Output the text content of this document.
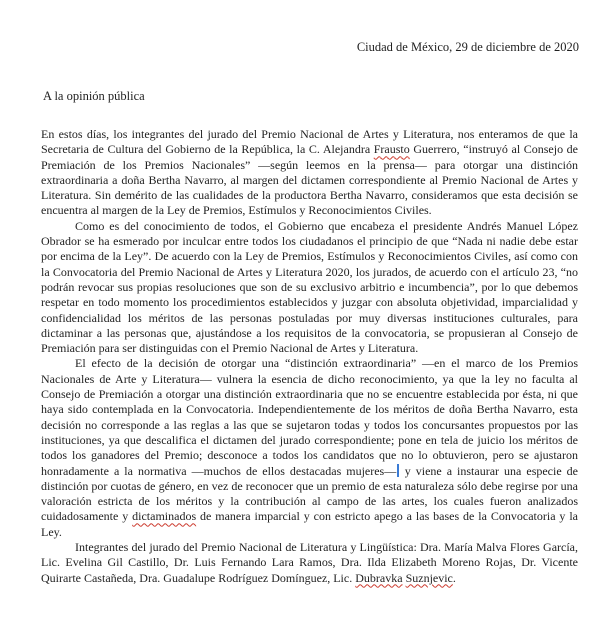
Ciudad de México, 29 de diciembre de 2020
A la opinión pública

En estos días, los integrantes del jurado del Premio Nacional de Artes y Literatura, nos enteramos de que la Secretaria de Cultura del Gobierno de la República, la C. Alejandra Frausto Guerrero, “instruyó al Consejo de Premiación de los Premios Nacionales” —según leemos en la prensa— para otorgar una distinción extraordinaria a doña Bertha Navarro, al margen del dictamen correspondiente al Premio Nacional de Artes y Literatura. Sin demérito de las cualidades de la productora Bertha Navarro, consideramos que esta decisión se encuentra al margen de la Ley de Premios, Estímulos y Reconocimientos Civiles.

Como es del conocimiento de todos, el Gobierno que encabeza el presidente Andrés Manuel López Obrador se ha esmerado por inculcar entre todos los ciudadanos el principio de que “Nada ni nadie debe estar por encima de la Ley”. De acuerdo con la Ley de Premios, Estímulos y Reconocimientos Civiles, así como con la Convocatoria del Premio Nacional de Artes y Literatura 2020, los jurados, de acuerdo con el artículo 23, “no podrán revocar sus propias resoluciones que son de su exclusivo arbitrio e incumbencia”, por lo que debemos respetar en todo momento los procedimientos establecidos y juzgar con absoluta objetividad, imparcialidad y confidencialidad los méritos de las personas postuladas por muy diversas instituciones culturales, para dictaminar a las personas que, ajustándose a los requisitos de la convocatoria, se propusieran al Consejo de Premiación para ser distinguidas con el Premio Nacional de Artes y Literatura.

El efecto de la decisión de otorgar una “distinción extraordinaria” —en el marco de los Premios Nacionales de Arte y Literatura— vulnera la esencia de dicho reconocimiento, ya que la ley no faculta al Consejo de Premiación a otorgar una distinción extraordinaria que no se encuentre establecida por ésta, ni que haya sido contemplada en la Convocatoria. Independientemente de los méritos de doña Bertha Navarro, esta decisión no corresponde a las reglas a las que se sujetaron todas y todos los concursantes propuestos por las instituciones, ya que descalifica el dictamen del jurado correspondiente; pone en tela de juicio los méritos de todos los ganadores del Premio; desconoce a todos los candidatos que no lo obtuvieron, pero se ajustaron honradamente a la normativa —muchos de ellos destacadas mujeres— y viene a instaurar una especie de distinción por cuotas de género, en vez de reconocer que un premio de esta naturaleza sólo debe regirse por una valoración estricta de los méritos y la contribución al campo de las artes, los cuales fueron analizados cuidadosamente y dictaminados de manera imparcial y con estricto apego a las bases de la Convocatoria y la Ley.

Integrantes del jurado del Premio Nacional de Literatura y Lingüística: Dra. María Malva Flores García, Lic. Evelina Gil Castillo, Dr. Luis Fernando Lara Ramos, Dra. Ilda Elizabeth Moreno Rojas, Dr. Vicente Quirarte Castañeda, Dra. Guadalupe Rodríguez Domínguez, Lic. Dubravka Suznjevic.
